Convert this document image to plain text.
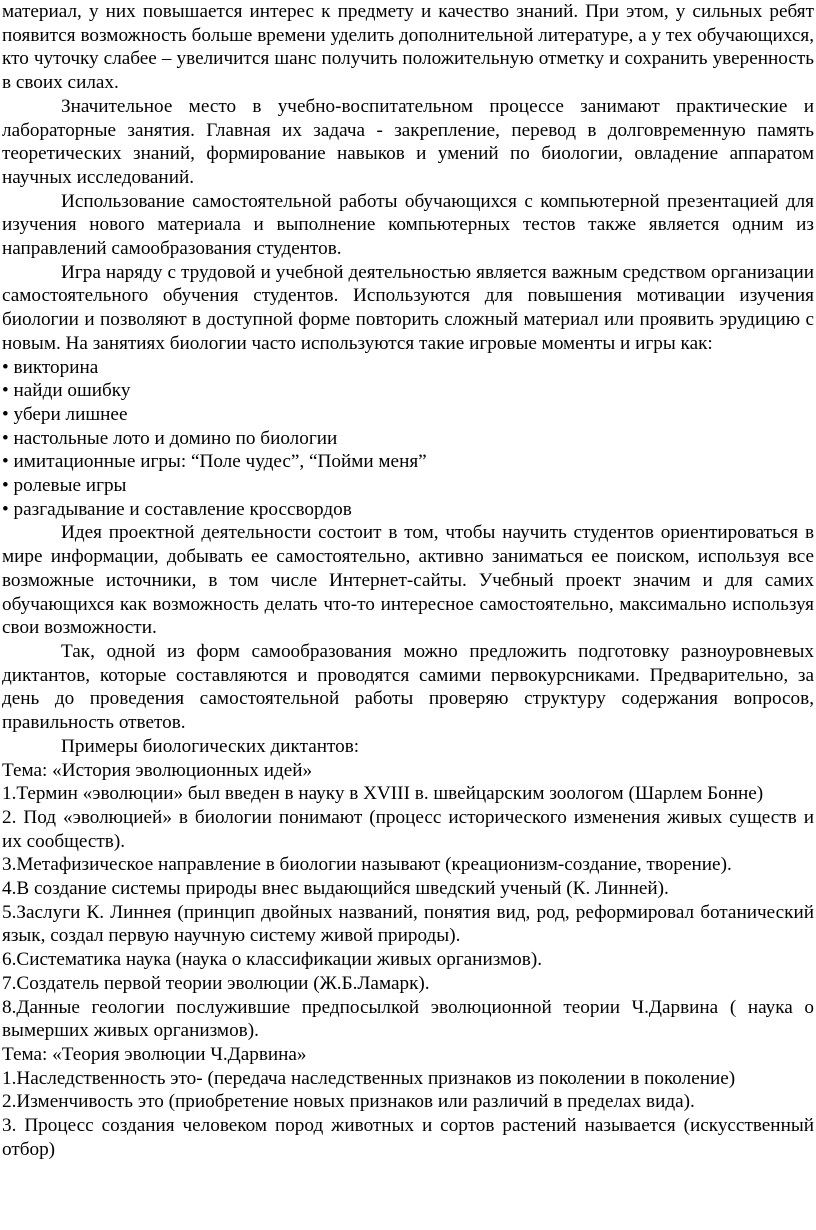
материал, у них повышается интерес к предмету и качество знаний. При этом, у сильных ребят появится возможность больше времени уделить дополнительной литературе, а у тех обучающихся, кто чуточку слабее – увеличится шанс получить положительную отметку и сохранить уверенность в своих силах.

Значительное место в учебно-воспитательном процессе занимают практические и лабораторные занятия. Главная их задача - закрепление, перевод в долговременную память теоретических знаний, формирование навыков и умений по биологии, овладение аппаратом научных исследований.

Использование самостоятельной работы обучающихся с компьютерной презентацией для изучения нового материала и выполнение компьютерных тестов также является одним из направлений самообразования студентов.

Игра наряду с трудовой и учебной деятельностью является важным средством организации самостоятельного обучения студентов. Используются для повышения мотивации изучения биологии и позволяют в доступной форме повторить сложный материал или проявить эрудицию с новым. На занятиях биологии часто используются такие игровые моменты и игры как:

• викторина

• найди ошибку

• убери лишнее

• настольные лото и домино по биологии

• имитационные игры: “Поле чудес”, “Пойми меня”

• ролевые игры

• разгадывание и составление кроссвордов

Идея проектной деятельности состоит в том, чтобы научить студентов ориентироваться в мире информации, добывать ее самостоятельно, активно заниматься ее поиском, используя все возможные источники, в том числе Интернет-сайты. Учебный проект значим и для самих обучающихся как возможность делать что-то интересное самостоятельно, максимально используя свои возможности.

Так, одной из форм самообразования можно предложить подготовку разноуровневых диктантов, которые составляются и проводятся самими первокурсниками. Предварительно, за день до проведения самостоятельной работы проверяю структуру содержания вопросов, правильность ответов.

Примеры биологических диктантов:

Тема: «История эволюционных идей»

1.Термин «эволюции» был введен в науку в XVIII в. швейцарским зоологом (Шарлем Бонне)

2. Под «эволюцией» в биологии понимают (процесс исторического изменения живых существ и их сообществ).

3.Метафизическое направление в биологии называют (креационизм-создание, творение).

4.В создание системы природы внес выдающийся шведский ученый (К. Линней).

5.Заслуги К. Линнея (принцип двойных названий, понятия вид, род, реформировал ботанический язык, создал первую научную систему живой природы).

6.Систематика наука (наука о классификации живых организмов).

7.Создатель первой теории эволюции (Ж.Б.Ламарк).

8.Данные геологии послужившие предпосылкой эволюционной теории Ч.Дарвина ( наука о вымерших живых организмов).

Тема: «Теория эволюции Ч.Дарвина»

1.Наследственность это- (передача наследственных признаков из поколении в поколение)

2.Изменчивость это (приобретение новых признаков или различий в пределах вида).

3. Процесс создания человеком пород животных и сортов растений называется (искусственный отбор)
